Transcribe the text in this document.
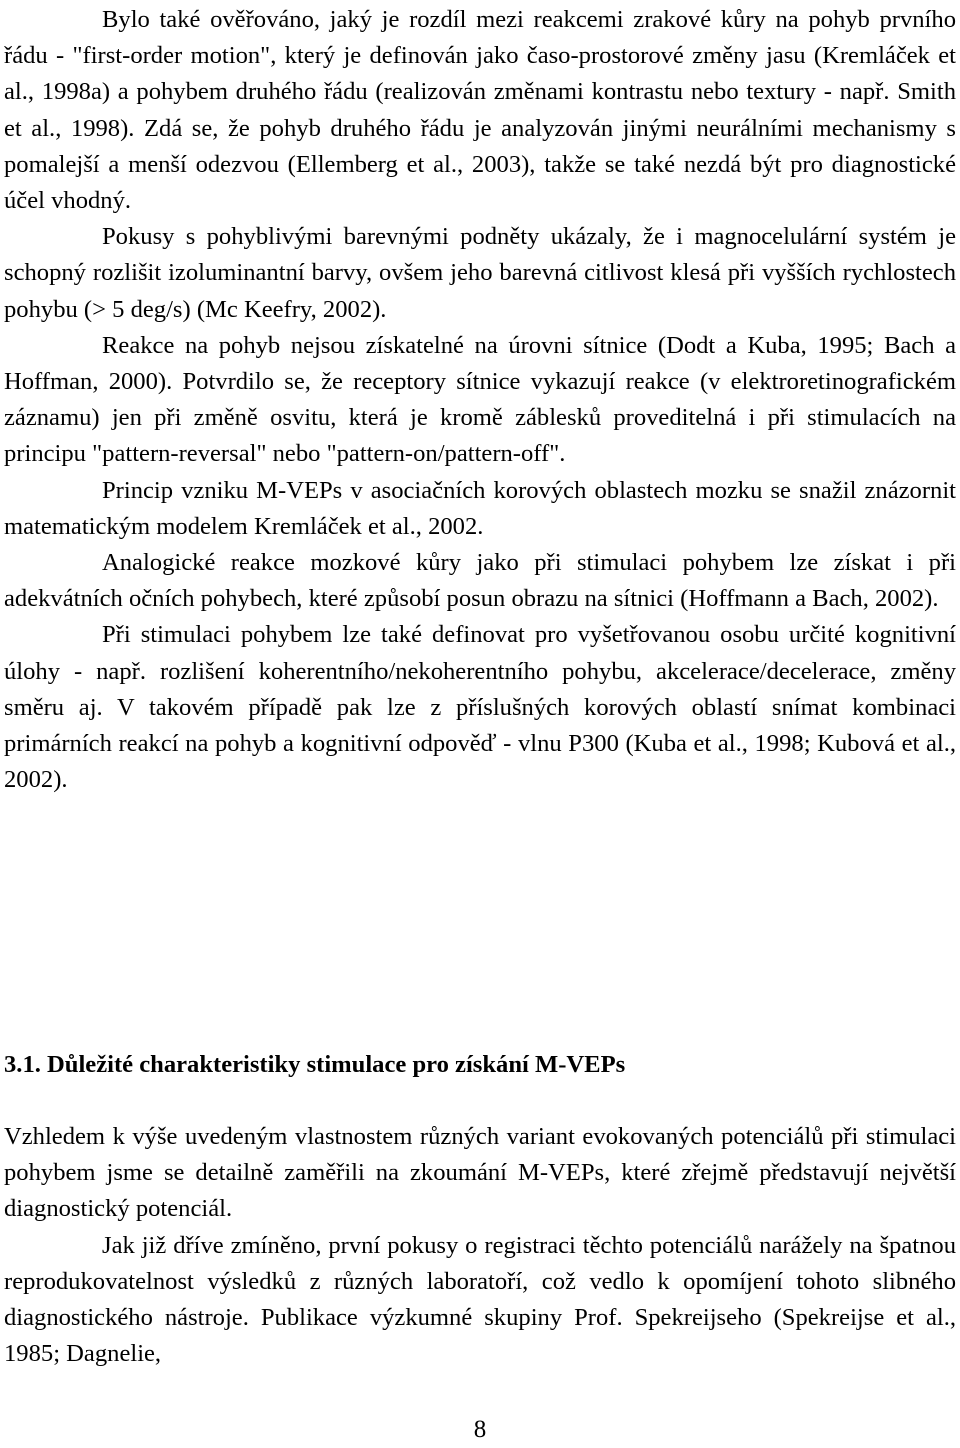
Bylo také ověřováno, jaký je rozdíl mezi reakcemi zrakové kůry na pohyb prvního řádu - "first-order motion", který je definován jako časo-prostorové změny jasu (Kremláček et al., 1998a) a pohybem druhého řádu (realizován změnami kontrastu nebo textury - např. Smith et al., 1998). Zdá se, že pohyb druhého řádu je analyzován jinými neurálními mechanismy s pomalejší a menší odezvou (Ellemberg et al., 2003), takže se také nezdá být pro diagnostické účel vhodný.

Pokusy s pohyblivými barevnými podněty ukázaly, že i magnocelulární systém je schopný rozlišit izoluminantní barvy, ovšem jeho barevná citlivost klesá při vyšších rychlostech pohybu (> 5 deg/s) (Mc Keefry, 2002).

Reakce na pohyb nejsou získatelné na úrovni sítnice (Dodt a Kuba, 1995; Bach a Hoffman, 2000). Potvrdilo se, že receptory sítnice vykazují reakce (v elektroretinografickém záznamu) jen při změně osvitu, která je kromě záblesků proveditelná i při stimulacích na principu "pattern-reversal" nebo "pattern-on/pattern-off".

Princip vzniku M-VEPs v asociačních korových oblastech mozku se snažil znázornit matematickým modelem Kremláček et al., 2002.

Analogické reakce mozkové kůry jako při stimulaci pohybem lze získat i při adekvátních očních pohybech, které způsobí posun obrazu na sítnici (Hoffmann a Bach, 2002).

Při stimulaci pohybem lze také definovat pro vyšetřovanou osobu určité kognitivní úlohy - např. rozlišení koherentního/nekoherentního pohybu, akcelerace/decelerace, změny směru aj. V takovém případě pak lze z příslušných korových oblastí snímat kombinaci primárních reakcí na pohyb a kognitivní odpověď - vlnu P300 (Kuba et al., 1998; Kubová et al., 2002).

3.1. Důležité charakteristiky stimulace pro získání M-VEPs

Vzhledem k výše uvedeným vlastnostem různých variant evokovaných potenciálů při stimulaci pohybem jsme se detailně zaměřili na zkoumání M-VEPs, které zřejmě představují největší diagnostický potenciál.

Jak již dříve zmíněno, první pokusy o registraci těchto potenciálů narážely na špatnou reprodukovatelnost výsledků z různých laboratoří, což vedlo k opomíjení tohoto slibného diagnostického nástroje. Publikace výzkumné skupiny Prof. Spekreijseho (Spekreijse et al., 1985; Dagnelie,

8
